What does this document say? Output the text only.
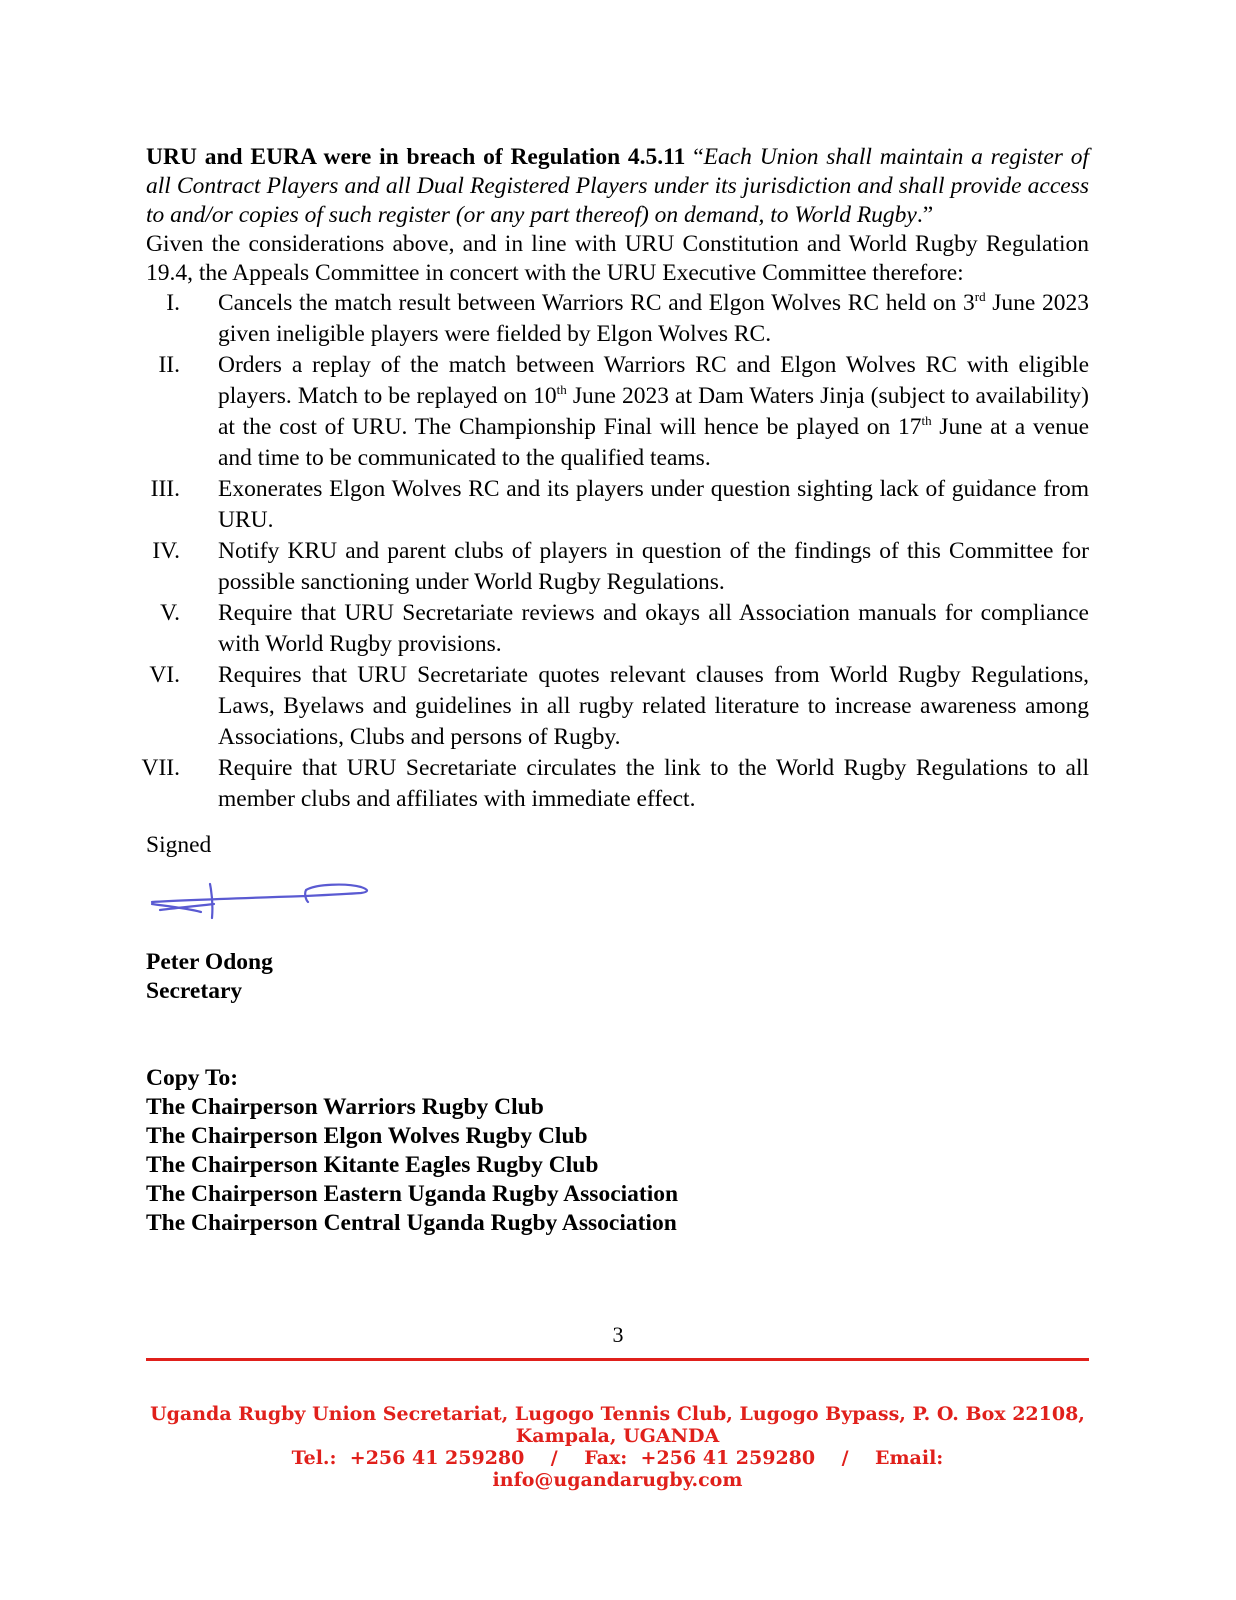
URU and EURA were in breach of Regulation 4.5.11 “Each Union shall maintain a register of all Contract Players and all Dual Registered Players under its jurisdiction and shall provide access to and/or copies of such register (or any part thereof) on demand, to World Rugby.”

Given the considerations above, and in line with URU Constitution and World Rugby Regulation 19.4, the Appeals Committee in concert with the URU Executive Committee therefore:

I. Cancels the match result between Warriors RC and Elgon Wolves RC held on 3rd June 2023 given ineligible players were fielded by Elgon Wolves RC.
II. Orders a replay of the match between Warriors RC and Elgon Wolves RC with eligible players. Match to be replayed on 10th June 2023 at Dam Waters Jinja (subject to availability) at the cost of URU. The Championship Final will hence be played on 17th June at a venue and time to be communicated to the qualified teams.
III. Exonerates Elgon Wolves RC and its players under question sighting lack of guidance from URU.
IV. Notify KRU and parent clubs of players in question of the findings of this Committee for possible sanctioning under World Rugby Regulations.
V. Require that URU Secretariate reviews and okays all Association manuals for compliance with World Rugby provisions.
VI. Requires that URU Secretariate quotes relevant clauses from World Rugby Regulations, Laws, Byelaws and guidelines in all rugby related literature to increase awareness among Associations, Clubs and persons of Rugby.
VII. Require that URU Secretariate circulates the link to the World Rugby Regulations to all member clubs and affiliates with immediate effect.
Signed
Peter Odong
Secretary
Copy To:
The Chairperson Warriors Rugby Club
The Chairperson Elgon Wolves Rugby Club
The Chairperson Kitante Eagles Rugby Club
The Chairperson Eastern Uganda Rugby Association
The Chairperson Central Uganda Rugby Association
3
Uganda Rugby Union Secretariat, Lugogo Tennis Club, Lugogo Bypass, P. O. Box 22108, Kampala, UGANDA
Tel.:  +256 41 259280    /    Fax:  +256 41 259280    /    Email:
info@ugandarugby.com
